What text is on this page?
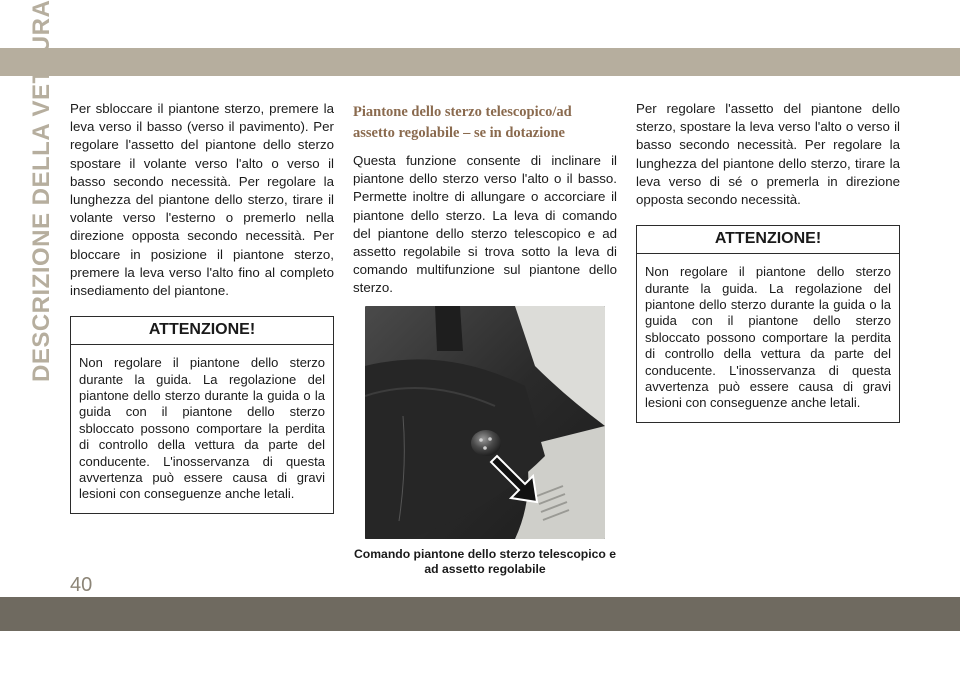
DESCRIZIONE DELLA VETTURA Per sbloccare il piantone sterzo, premere la leva verso il basso (verso il pavimento). Per regolare l'assetto del piantone dello sterzo spostare il volante verso l'alto o verso il basso secondo necessità. Per regolare la lunghezza del piantone dello sterzo, tirare il volante verso l'esterno o premerlo nella direzione opposta secondo necessità. Per bloccare in posizione il piantone sterzo, premere la leva verso l'alto fino al completo insediamento del piantone.

ATTENZIONE!

Non regolare il piantone dello sterzo durante la guida. La regolazione del piantone dello sterzo durante la guida o la guida con il piantone dello sterzo sbloccato possono comportare la perdita di controllo della vettura da parte del conducente. L'inosservanza di questa avvertenza può essere causa di gravi lesioni con conseguenze anche letali.

Piantone dello sterzo telescopico/ad assetto regolabile – se in dotazione

Questa funzione consente di inclinare il piantone dello sterzo verso l'alto o il basso. Permette inoltre di allungare o accorciare il piantone dello sterzo. La leva di comando del piantone dello sterzo telescopico e ad assetto regolabile si trova sotto la leva di comando multifunzione sul piantone dello sterzo.

Comando piantone dello sterzo telescopico e ad assetto regolabile

Per regolare l'assetto del piantone dello sterzo, spostare la leva verso l'alto o verso il basso secondo necessità. Per regolare la lunghezza del piantone dello sterzo, tirare la leva verso di sé o premerla in direzione opposta secondo necessità.

ATTENZIONE!

Non regolare il piantone dello sterzo durante la guida. La regolazione del piantone dello sterzo durante la guida o la guida con il piantone dello sterzo sbloccato possono comportare la perdita di controllo della vettura da parte del conducente. L'inosservanza di questa avvertenza può essere causa di gravi lesioni con conseguenze anche letali.

40
